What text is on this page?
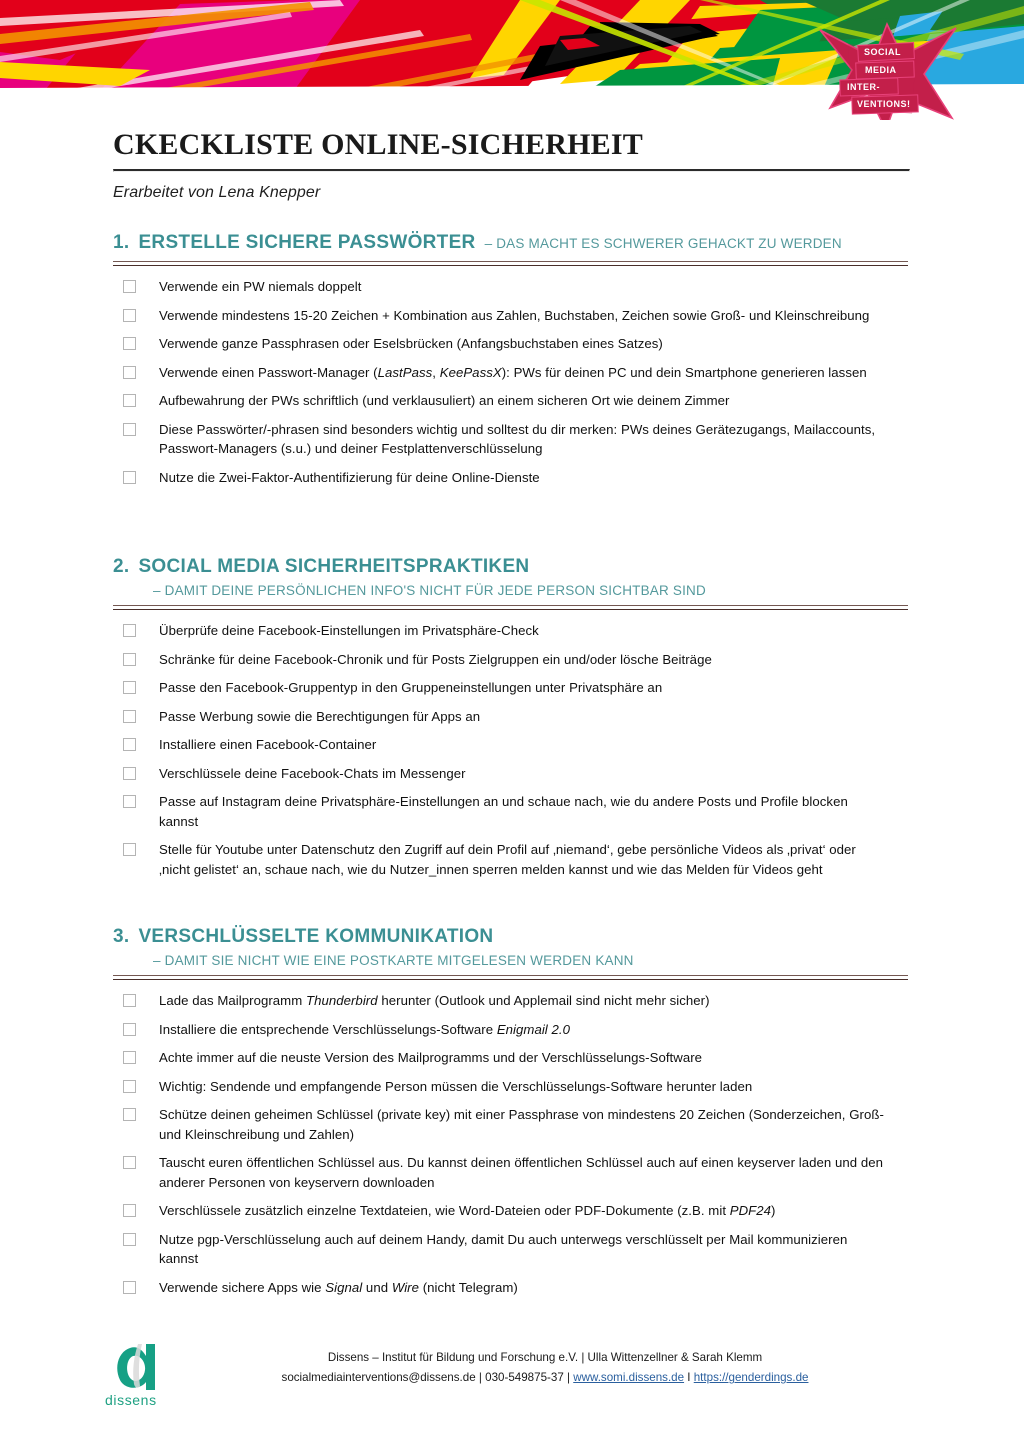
SOCIAL
MEDIA
INTER-
VENTIONS!
CKECKLISTE ONLINE-SICHERHEIT

Erarbeitet von Lena Knepper

1. ERSTELLE SICHERE PASSWÖRTER – DAS MACHT ES SCHWERER GEHACKT ZU WERDEN
Verwende ein PW niemals doppelt
Verwende mindestens 15-20 Zeichen + Kombination aus Zahlen, Buchstaben, Zeichen sowie Groß- und Kleinschreibung
Verwende ganze Passphrasen oder Eselsbrücken (Anfangsbuchstaben eines Satzes)
Verwende einen Passwort-Manager (LastPass, KeePassX): PWs für deinen PC und dein Smartphone generieren lassen
Aufbewahrung der PWs schriftlich (und verklausuliert) an einem sicheren Ort wie deinem Zimmer
Diese Passwörter/-phrasen sind besonders wichtig und solltest du dir merken: PWs deines Gerätezugangs, Mailaccounts, Passwort-Managers (s.u.) und deiner Festplattenverschlüsselung
Nutze die Zwei-Faktor-Authentifizierung für deine Online-Dienste
2. SOCIAL MEDIA SICHERHEITSPRAKTIKEN
– DAMIT DEINE PERSÖNLICHEN INFO'S NICHT FÜR JEDE PERSON SICHTBAR SIND
Überprüfe deine Facebook-Einstellungen im Privatsphäre-Check
Schränke für deine Facebook-Chronik und für Posts Zielgruppen ein und/oder lösche Beiträge
Passe den Facebook-Gruppentyp in den Gruppeneinstellungen unter Privatsphäre an
Passe Werbung sowie die Berechtigungen für Apps an
Installiere einen Facebook-Container
Verschlüssele deine Facebook-Chats im Messenger
Passe auf Instagram deine Privatsphäre-Einstellungen an und schaue nach, wie du andere Posts und Profile blocken kannst
Stelle für Youtube unter Datenschutz den Zugriff auf dein Profil auf ‚niemand‘, gebe persönliche Videos als ‚privat‘ oder ‚nicht gelistet‘ an, schaue nach, wie du Nutzer_innen sperren melden kannst und wie das Melden für Videos geht
3. VERSCHLÜSSELTE KOMMUNIKATION
– DAMIT SIE NICHT WIE EINE POSTKARTE MITGELESEN WERDEN KANN
Lade das Mailprogramm Thunderbird herunter (Outlook und Applemail sind nicht mehr sicher)
Installiere die entsprechende Verschlüsselungs-Software Enigmail 2.0
Achte immer auf die neuste Version des Mailprogramms und der Verschlüsselungs-Software
Wichtig: Sendende und empfangende Person müssen die Verschlüsselungs-Software herunter laden
Schütze deinen geheimen Schlüssel (private key) mit einer Passphrase von mindestens 20 Zeichen (Sonderzeichen, Groß- und Kleinschreibung und Zahlen)
Tauscht euren öffentlichen Schlüssel aus. Du kannst deinen öffentlichen Schlüssel auch auf einen keyserver laden und den anderer Personen von keyservern downloaden
Verschlüssele zusätzlich einzelne Textdateien, wie Word-Dateien oder PDF-Dokumente (z.B. mit PDF24)
Nutze pgp-Verschlüsselung auch auf deinem Handy, damit Du auch unterwegs verschlüsselt per Mail kommunizieren kannst
Verwende sichere Apps wie Signal und Wire (nicht Telegram)
dissens
Dissens – Institut für Bildung und Forschung e.V. | Ulla Wittenzellner & Sarah Klemm
socialmediainterventions@dissens.de | 030-549875-37 | www.somi.dissens.de I https://genderdings.de
